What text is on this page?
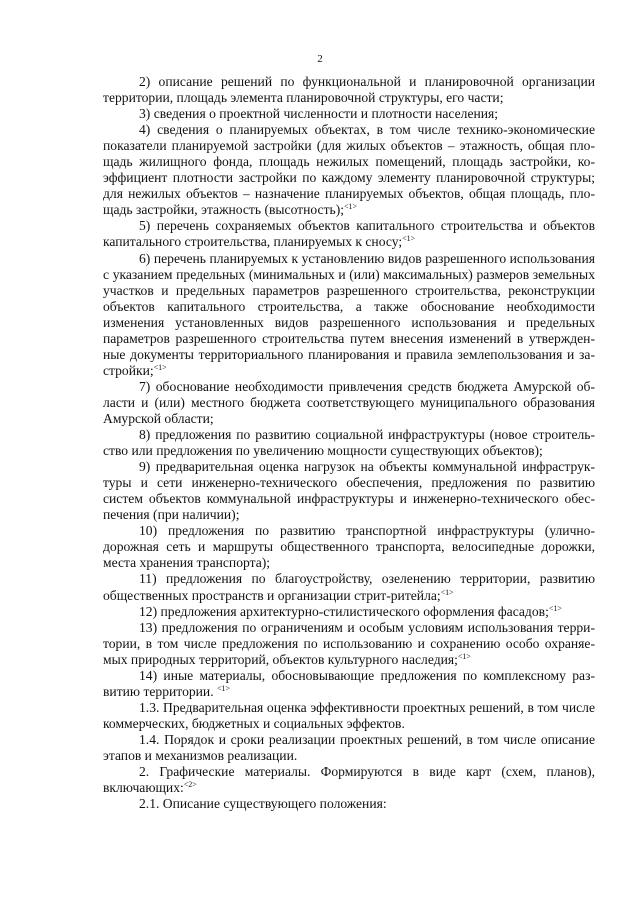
2

2) описание решений по функциональной и планировочной организации территории, площадь элемента планировочной структуры, его части;

3) сведения о проектной численности и плотности населения;

4) сведения о планируемых объектах, в том числе технико-экономические показатели планируемой застройки (для жилых объектов – этажность, общая площадь жилищного фонда, площадь нежилых помещений, площадь застройки, коэффициент плотности застройки по каждому элементу планировочной структуры; для нежилых объектов – назначение планируемых объектов, общая площадь, площадь застройки, этажность (высотность);$^{<1>}$

5) перечень сохраняемых объектов капитального строительства и объектов капитального строительства, планируемых к сносу;$^{<1>}$

6) перечень планируемых к установлению видов разрешенного использования с указанием предельных (минимальных и (или) максимальных) размеров земельных участков и предельных параметров разрешенного строительства, реконструкции объектов капитального строительства, а также обоснование необходимости изменения установленных видов разрешенного использования и предельных параметров разрешенного строительства путем внесения изменений в утвержденные документы территориального планирования и правила землепользования и застройки;$^{<1>}$

7) обоснование необходимости привлечения средств бюджета Амурской области и (или) местного бюджета соответствующего муниципального образования Амурской области;

8) предложения по развитию социальной инфраструктуры (новое строительство или предложения по увеличению мощности существующих объектов);

9) предварительная оценка нагрузок на объекты коммунальной инфраструктуры и сети инженерно-технического обеспечения, предложения по развитию систем объектов коммунальной инфраструктуры и инженерно-технического обеспечения (при наличии);

10) предложения по развитию транспортной инфраструктуры (улично-дорожная сеть и маршруты общественного транспорта, велосипедные дорожки, места хранения транспорта);

11) предложения по благоустройству, озеленению территории, развитию общественных пространств и организации стрит-ритейла;$^{<1>}$

12) предложения архитектурно-стилистического оформления фасадов;$^{<1>}$

13) предложения по ограничениям и особым условиям использования территории, в том числе предложения по использованию и сохранению особо охраняемых природных территорий, объектов культурного наследия;$^{<1>}$

14) иные материалы, обосновывающие предложения по комплексному развитию территории. $^{<1>}$

1.3. Предварительная оценка эффективности проектных решений, в том числе коммерческих, бюджетных и социальных эффектов.

1.4. Порядок и сроки реализации проектных решений, в том числе описание этапов и механизмов реализации.

2. Графические материалы. Формируются в виде карт (схем, планов), включающих:$^{<2>}$

2.1. Описание существующего положения:
